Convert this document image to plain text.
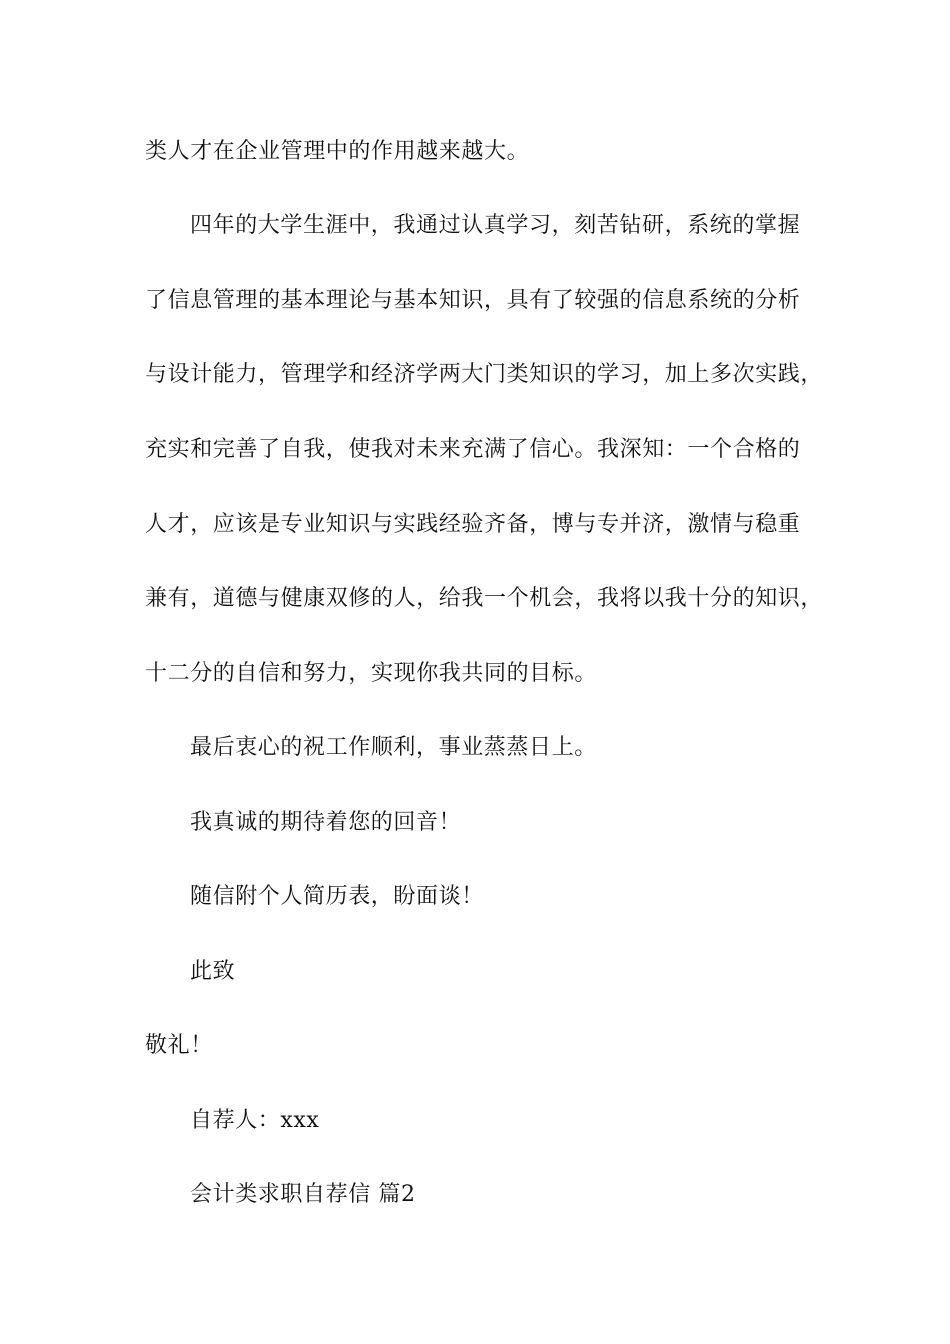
类人才在企业管理中的作用越来越大。
四年的大学生涯中，我通过认真学习，刻苦钻研，系统的掌握
了信息管理的基本理论与基本知识，具有了较强的信息系统的分析
与设计能力，管理学和经济学两大门类知识的学习，加上多次实践，
充实和完善了自我，使我对未来充满了信心。我深知：一个合格的
人才，应该是专业知识与实践经验齐备，博与专并济，激情与稳重
兼有，道德与健康双修的人，给我一个机会，我将以我十分的知识，
十二分的自信和努力，实现你我共同的目标。
最后衷心的祝工作顺利，事业蒸蒸日上。
我真诚的期待着您的回音！
随信附个人简历表，盼面谈！
此致
敬礼！
自荐人：xxx
会计类求职自荐信 篇2
